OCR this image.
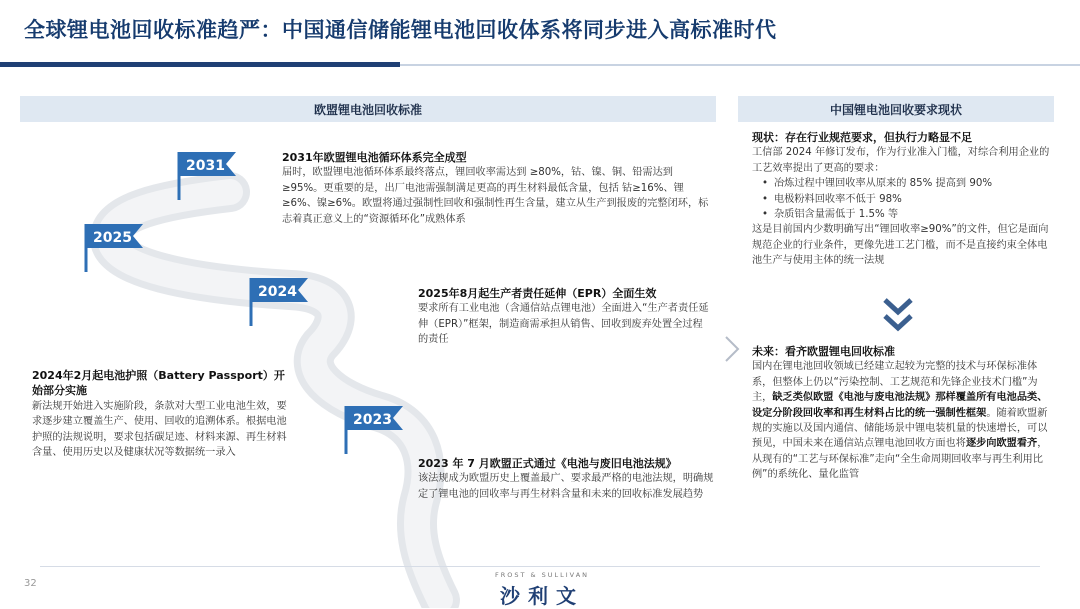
全球锂电池回收标准趋严：中国通信储能锂电池回收体系将同步进入高标准时代
欧盟锂电池回收标准	中国锂电池回收要求现状
2031
2025
2024
2023
2031年欧盟锂电池循环体系完全成型
届时，欧盟锂电池循环体系最终落点，锂回收率需达到 ≥80%，钴、镍、铜、铅需达到 ≥95%。更重要的是，出厂电池需强制满足更高的再生材料最低含量，包括 钴≥16%、锂≥6%、镍≥6%。欧盟将通过强制性回收和强制性再生含量，建立从生产到报废的完整闭环，标志着真正意义上的“资源循环化”成熟体系
2025年8月起生产者责任延伸（EPR）全面生效
要求所有工业电池（含通信站点锂电池）全面进入“生产者责任延伸（EPR）”框架，制造商需承担从销售、回收到废弃处置全过程的责任
2024年2月起电池护照（Battery Passport）开始部分实施
新法规开始进入实施阶段，条款对大型工业电池生效，要求逐步建立覆盖生产、使用、回收的追溯体系。根据电池护照的法规说明，要求包括碳足迹、材料来源、再生材料含量、使用历史以及健康状况等数据统一录入
2023 年 7 月欧盟正式通过《电池与废旧电池法规》
该法规成为欧盟历史上覆盖最广、要求最严格的电池法规，明确规定了锂电池的回收率与再生材料含量和未来的回收标准发展趋势
现状：存在行业规范要求，但执行力略显不足
工信部 2024 年修订发布，作为行业准入门槛，对综合利用企业的工艺效率提出了更高的要求：
• 冶炼过程中锂回收率从原来的 85% 提高到 90%
• 电极粉料回收率不低于 98%
• 杂质铝含量需低于 1.5% 等
这是目前国内少数明确写出“锂回收率≥90%”的文件，但它是面向规范企业的行业条件，更像先进工艺门槛，而不是直接约束全体电池生产与使用主体的统一法规
未来：看齐欧盟锂电回收标准
国内在锂电池回收领域已经建立起较为完整的技术与环保标准体系，但整体上仍以“污染控制、工艺规范和先锋企业技术门槛”为主，缺乏类似欧盟《电池与废电池法规》那样覆盖所有电池品类、设定分阶段回收率和再生材料占比的统一强制性框架。随着欧盟新规的实施以及国内通信、储能场景中锂电装机量的快速增长，可以预见，中国未来在通信站点锂电池回收方面也将逐步向欧盟看齐，从现有的“工艺与环保标准”走向“全生命周期回收率与再生利用比例”的系统化、量化监管
32
FROST & SULLIVAN
沙利文
